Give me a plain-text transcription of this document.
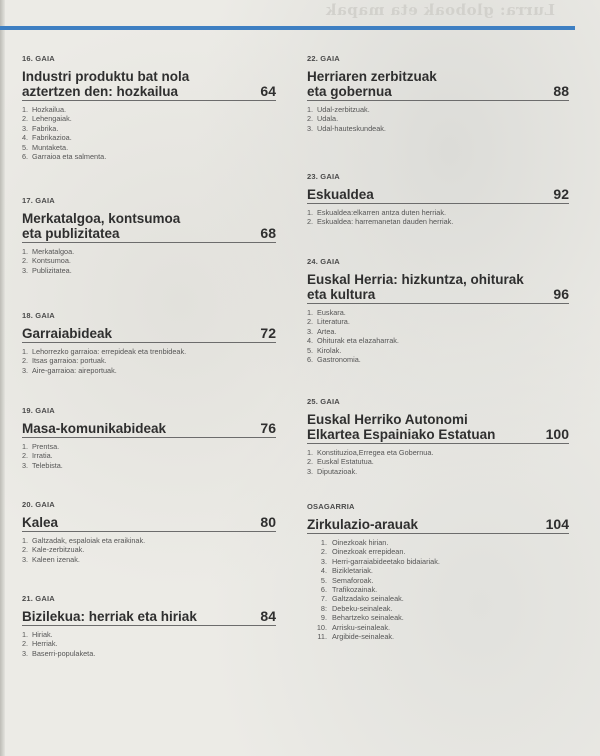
Lurra: globoak eta mapak
16. GAIA
Industri produktu bat nola
aztertzen den: hozkailua	64
1. Hozkailua.
2. Lehengaiak.
3. Fabrika.
4. Fabrikazioa.
5. Muntaketa.
6. Garraioa eta salmenta.
17. GAIA
Merkatalgoa, kontsumoa
eta publizitatea	68
1. Merkatalgoa.
2. Kontsumoa.
3. Publizitatea.
18. GAIA
Garraiabideak	72
1. Lehorrezko garraioa: errepideak eta trenbideak.
2. Itsas garraioa: portuak.
3. Aire-garraioa: aireportuak.
19. GAIA
Masa-komunikabideak	76
1. Prentsa.
2. Irratia.
3. Telebista.
20. GAIA
Kalea	80
1. Galtzadak, espaloiak eta eraikinak.
2. Kale-zerbitzuak.
3. Kaleen izenak.
21. GAIA
Bizilekua: herriak eta hiriak	84
1. Hiriak.
2. Herriak.
3. Baserri-populaketa.
22. GAIA
Herriaren zerbitzuak
eta gobernua	88
1. Udal-zerbitzuak.
2. Udala.
3. Udal-hauteskundeak.
23. GAIA
Eskualdea	92
1. Eskualdea:elkarren antza duten herriak.
2. Eskualdea: harremanetan dauden herriak.
24. GAIA
Euskal Herria: hizkuntza, ohiturak
eta kultura	96
1. Euskara.
2. Literatura.
3. Artea.
4. Ohiturak eta elazaharrak.
5. Kirolak.
6. Gastronomia.
25. GAIA
Euskal Herriko Autonomi
Elkartea Espainiako Estatuan	100
1. Konstituzioa,Erregea eta Gobernua.
2. Euskal Estatutua.
3. Diputazioak.
OSAGARRIA
Zirkulazio-arauak	104
1. Oinezkoak hirian.
2. Oinezkoak errepidean.
3. Herri-garraiabideetako bidaiariak.
4. Bizikletariak.
5. Semaforoak.
6. Trafikozainak.
7. Galtzadako seinaleak.
8: Debeku-seinaleak.
9. Behartzeko seinaleak.
10. Arrisku-seinaleak.
11. Argibide-seinaleak.
